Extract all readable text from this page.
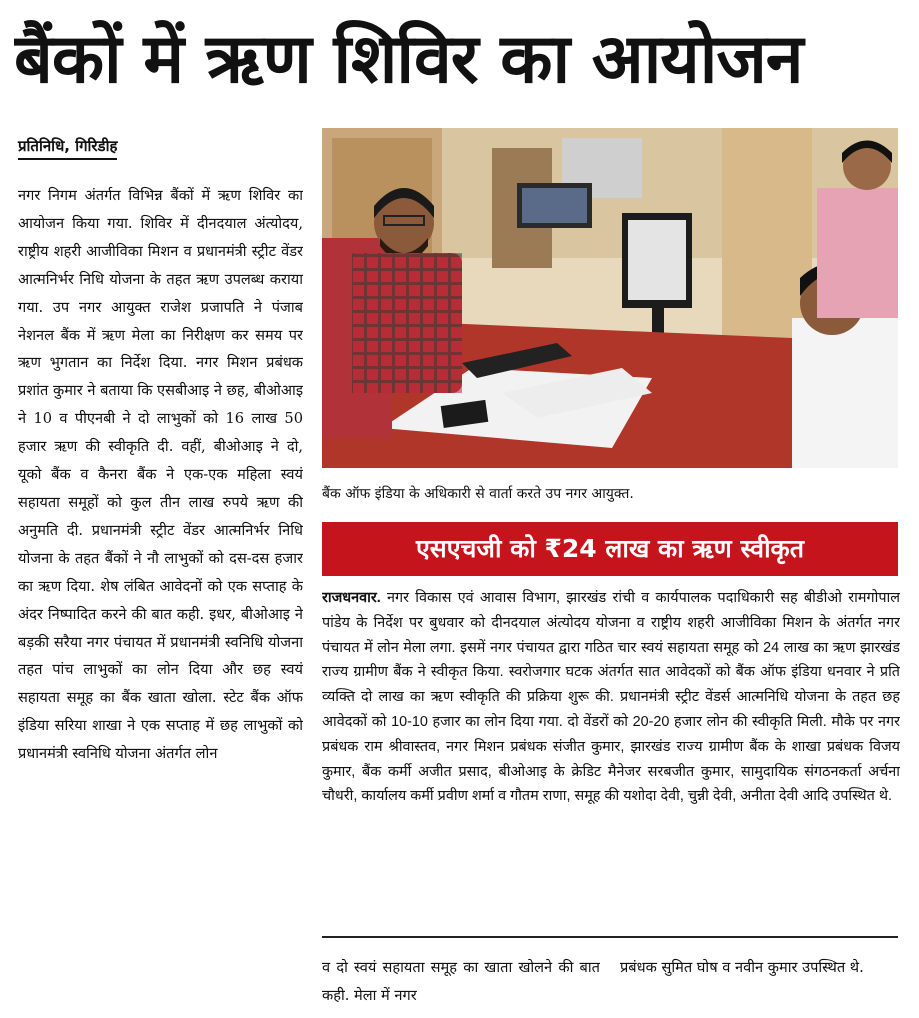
बैंकों में ऋण शिविर का आयोजन
प्रतिनिधि, गिरिडीह
नगर निगम अंतर्गत विभिन्न बैंकों में ऋण शिविर का आयोजन किया गया. शिविर में दीनदयाल अंत्योदय, राष्ट्रीय शहरी आजीविका मिशन व प्रधानमंत्री स्ट्रीट वेंडर आत्मनिर्भर निधि योजना के तहत ऋण उपलब्ध कराया गया. उप नगर आयुक्त राजेश प्रजापति ने पंजाब नेशनल बैंक में ऋण मेला का निरीक्षण कर समय पर ऋण भुगतान का निर्देश दिया. नगर मिशन प्रबंधक प्रशांत कुमार ने बताया कि एसबीआइ ने छह, बीओआइ ने 10 व पीएनबी ने दो लाभुकों को 16 लाख 50 हजार ऋण की स्वीकृति दी. वहीं, बीओआइ ने दो, यूको बैंक व कैनरा बैंक ने एक-एक महिला स्वयं सहायता समूहों को कुल तीन लाख रुपये ऋण की अनुमति दी. प्रधानमंत्री स्ट्रीट वेंडर आत्मनिर्भर निधि योजना के तहत बैंकों ने नौ लाभुकों को दस-दस हजार का ऋण दिया. शेष लंबित आवेदनों को एक सप्ताह के अंदर निष्पादित करने की बात कही. इधर, बीओआइ ने बड़की सरैया नगर पंचायत में प्रधानमंत्री स्वनिधि योजना तहत पांच लाभुकों का लोन दिया और छह स्वयं सहायता समूह का बैंक खाता खोला. स्टेट बैंक ऑफ इंडिया सरिया शाखा ने एक सप्ताह में छह लाभुकों को प्रधानमंत्री स्वनिधि योजना अंतर्गत लोन
बैंक ऑफ इंडिया के अधिकारी से वार्ता करते उप नगर आयुक्त.
एसएचजी को ₹24 लाख का ऋण स्वीकृत
राजधनवार. नगर विकास एवं आवास विभाग, झारखंड रांची व कार्यपालक पदाधिकारी सह बीडीओ रामगोपाल पांडेय के निर्देश पर बुधवार को दीनदयाल अंत्योदय योजना व राष्ट्रीय शहरी आजीविका मिशन के अंतर्गत नगर पंचायत में लोन मेला लगा. इसमें नगर पंचायत द्वारा गठित चार स्वयं सहायता समूह को 24 लाख का ऋण झारखंड राज्य ग्रामीण बैंक ने स्वीकृत किया. स्वरोजगार घटक अंतर्गत सात आवेदकों को बैंक ऑफ इंडिया धनवार ने प्रति व्यक्ति दो लाख का ऋण स्वीकृति की प्रक्रिया शुरू की. प्रधानमंत्री स्ट्रीट वेंडर्स आत्मनिधि योजना के तहत छह आवेदकों को 10-10 हजार का लोन दिया गया. दो वेंडरों को 20-20 हजार लोन की स्वीकृति मिली. मौके पर नगर प्रबंधक राम श्रीवास्तव, नगर मिशन प्रबंधक संजीत कुमार, झारखंड राज्य ग्रामीण बैंक के शाखा प्रबंधक विजय कुमार, बैंक कर्मी अजीत प्रसाद, बीओआइ के क्रेडिट मैनेजर सरबजीत कुमार, सामुदायिक संगठनकर्ता अर्चना चौधरी, कार्यालय कर्मी प्रवीण शर्मा व गौतम राणा, समूह की यशोदा देवी, चुन्नी देवी, अनीता देवी आदि उपस्थित थे.
व दो स्वयं सहायता समूह का खाता खोलने की बात कही. मेला में नगर
प्रबंधक सुमित घोष व नवीन कुमार उपस्थित थे.
